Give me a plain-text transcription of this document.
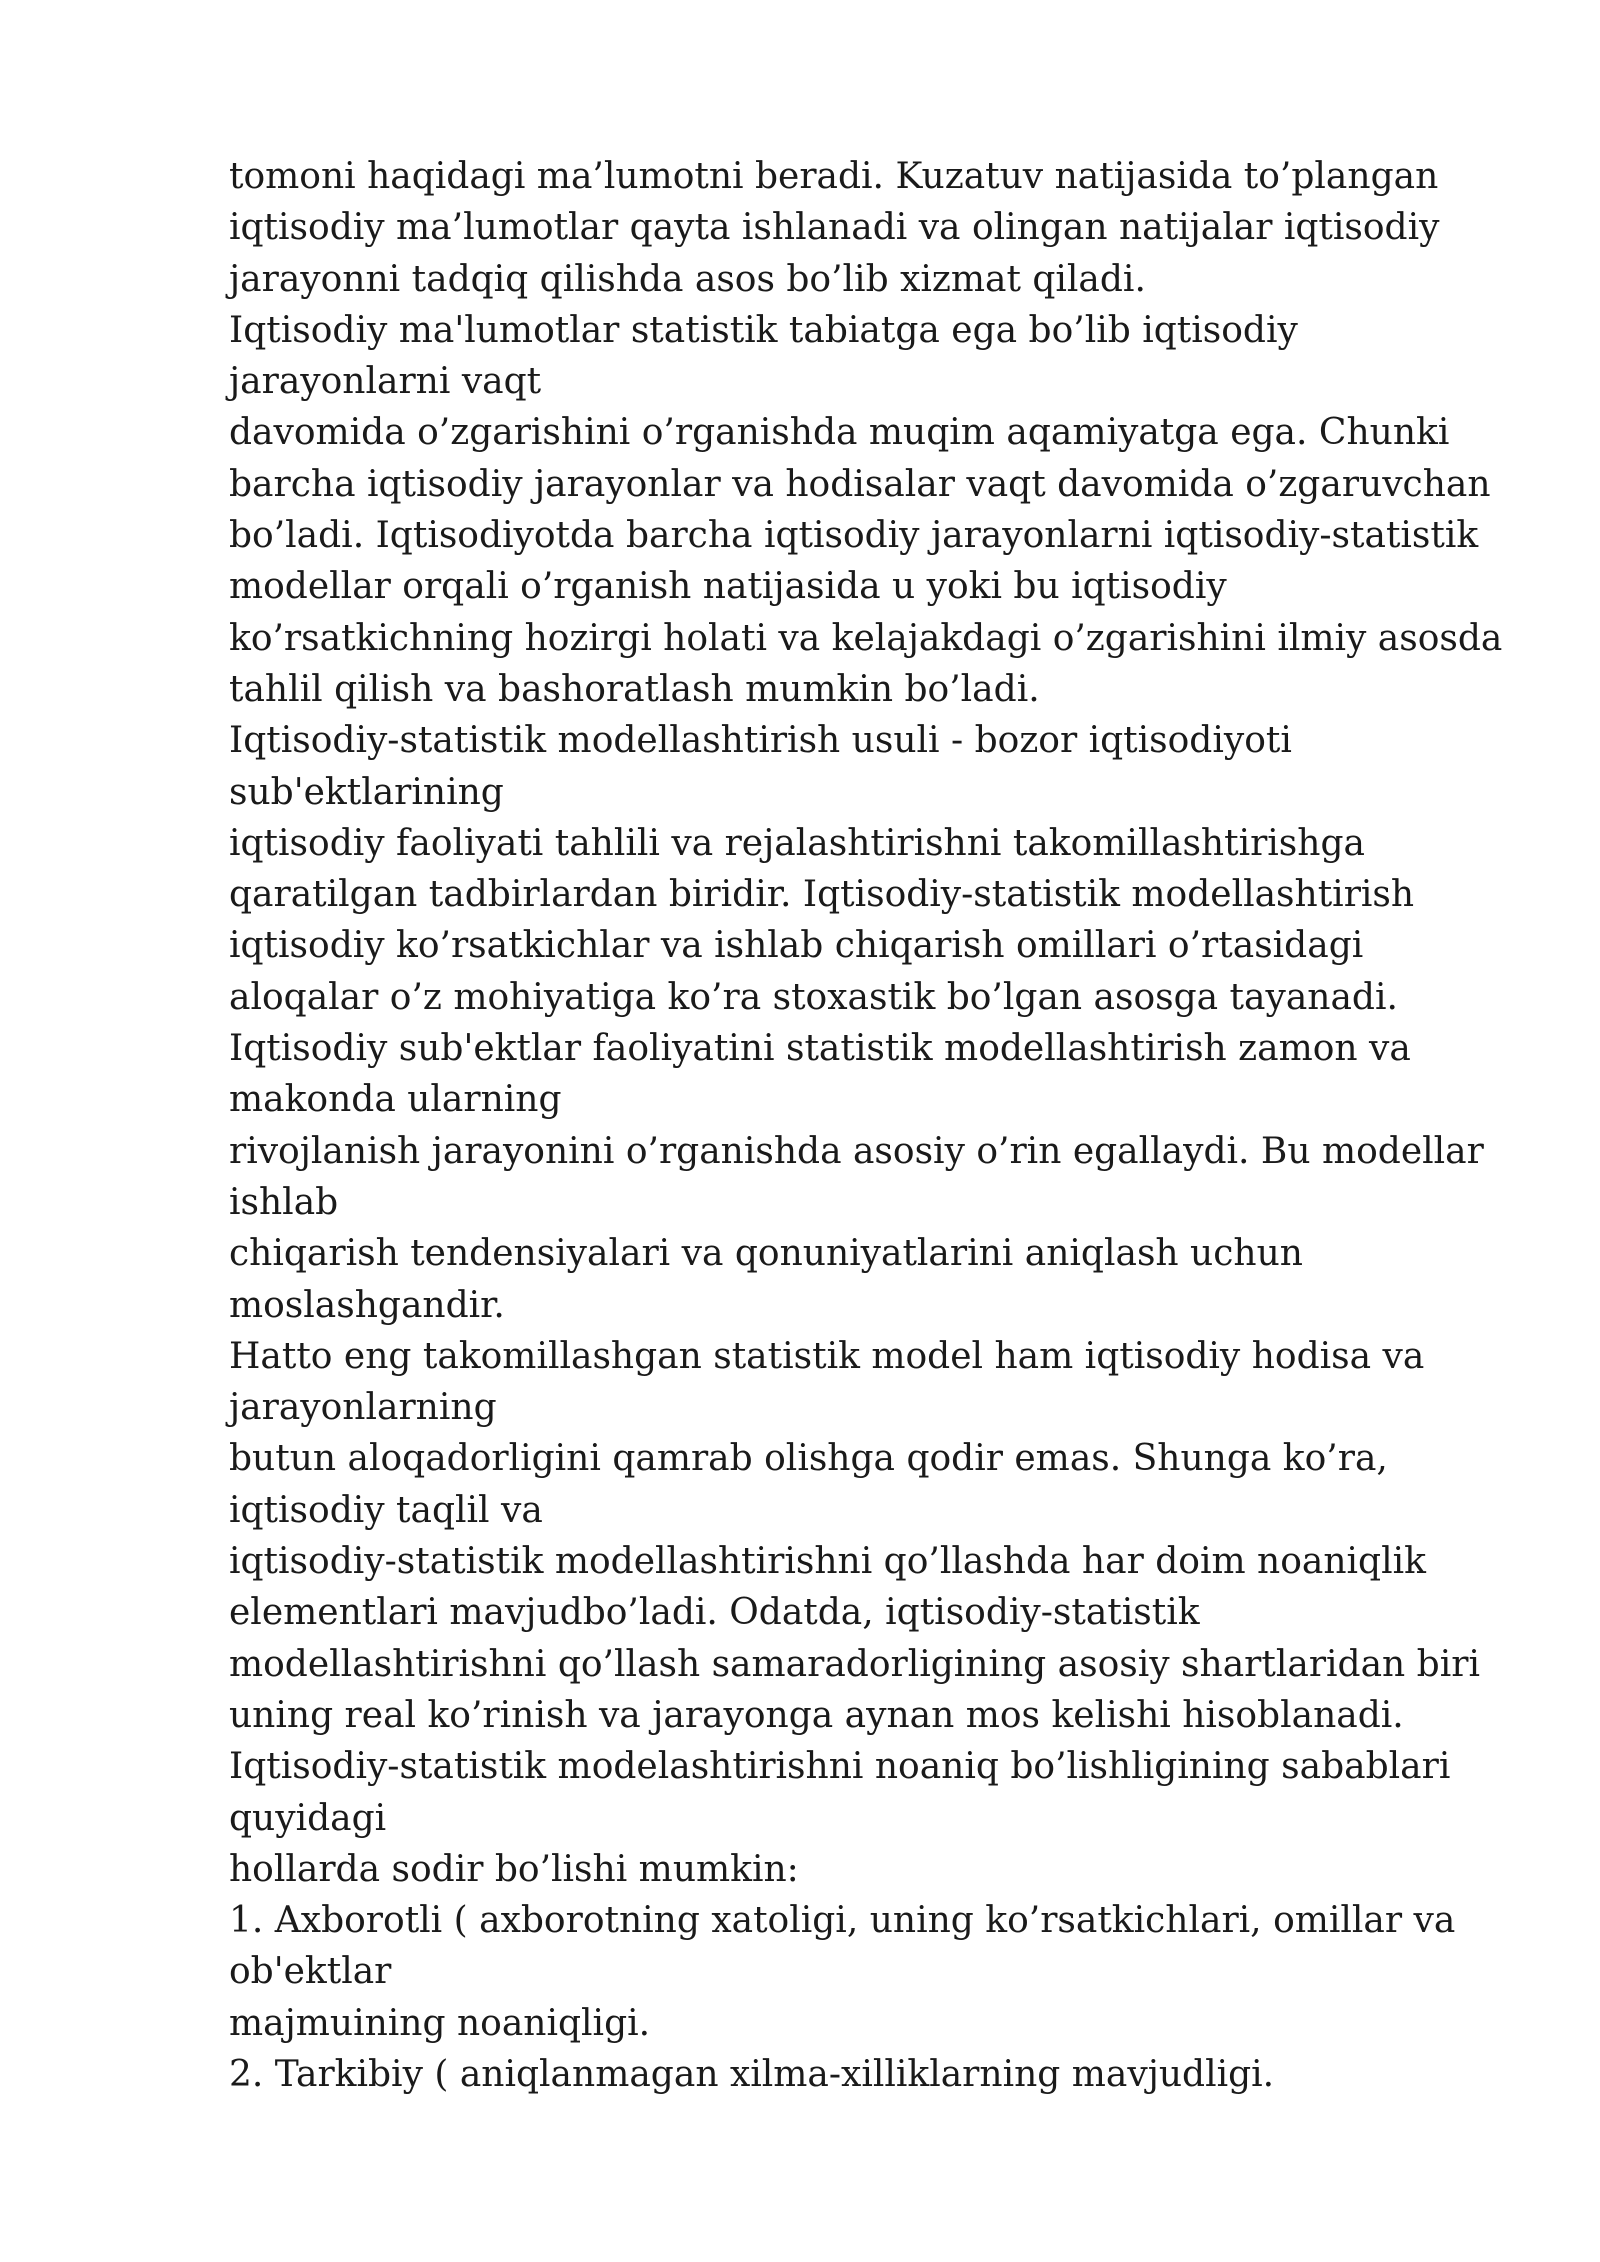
tomoni haqidagi ma’lumotni beradi. Kuzatuv natijasida to’plangan
iqtisodiy ma’lumotlar qayta ishlanadi va olingan natijalar iqtisodiy
jarayonni tadqiq qilishda asos bo’lib xizmat qiladi.
Iqtisodiy ma'lumotlar statistik tabiatga ega bo’lib iqtisodiy
jarayonlarni vaqt
davomida o’zgarishini o’rganishda muqim aqamiyatga ega. Chunki
barcha iqtisodiy jarayonlar va hodisalar vaqt davomida o’zgaruvchan
bo’ladi. Iqtisodiyotda barcha iqtisodiy jarayonlarni iqtisodiy-statistik
modellar orqali o’rganish natijasida u yoki bu iqtisodiy
ko’rsatkichning hozirgi holati va kelajakdagi o’zgarishini ilmiy asosda
tahlil qilish va bashoratlash mumkin bo’ladi.
Iqtisodiy-statistik modellashtirish usuli - bozor iqtisodiyoti
sub'ektlarining
iqtisodiy faoliyati tahlili va rejalashtirishni takomillashtirishga
qaratilgan tadbirlardan biridir. Iqtisodiy-statistik modellashtirish
iqtisodiy ko’rsatkichlar va ishlab chiqarish omillari o’rtasidagi
aloqalar o’z mohiyatiga ko’ra stoxastik bo’lgan asosga tayanadi.
Iqtisodiy sub'ektlar faoliyatini statistik modellashtirish zamon va
makonda ularning
rivojlanish jarayonini o’rganishda asosiy o’rin egallaydi. Bu modellar
ishlab
chiqarish tendensiyalari va qonuniyatlarini aniqlash uchun
moslashgandir.
Hatto eng takomillashgan statistik model ham iqtisodiy hodisa va
jarayonlarning
butun aloqadorligini qamrab olishga qodir emas. Shunga ko’ra,
iqtisodiy taqlil va
iqtisodiy-statistik modellashtirishni qo’llashda har doim noaniqlik
elementlari mavjudbo’ladi. Odatda, iqtisodiy-statistik
modellashtirishni qo’llash samaradorligining asosiy shartlaridan biri
uning real ko’rinish va jarayonga aynan mos kelishi hisoblanadi.
Iqtisodiy-statistik modelashtirishni noaniq bo’lishligining sabablari
quyidagi
hollarda sodir bo’lishi mumkin:
1. Axborotli ( axborotning xatoligi, uning ko’rsatkichlari, omillar va
ob'ektlar
majmuining noaniqligi.
2. Tarkibiy ( aniqlanmagan xilma-xilliklarning mavjudligi.
